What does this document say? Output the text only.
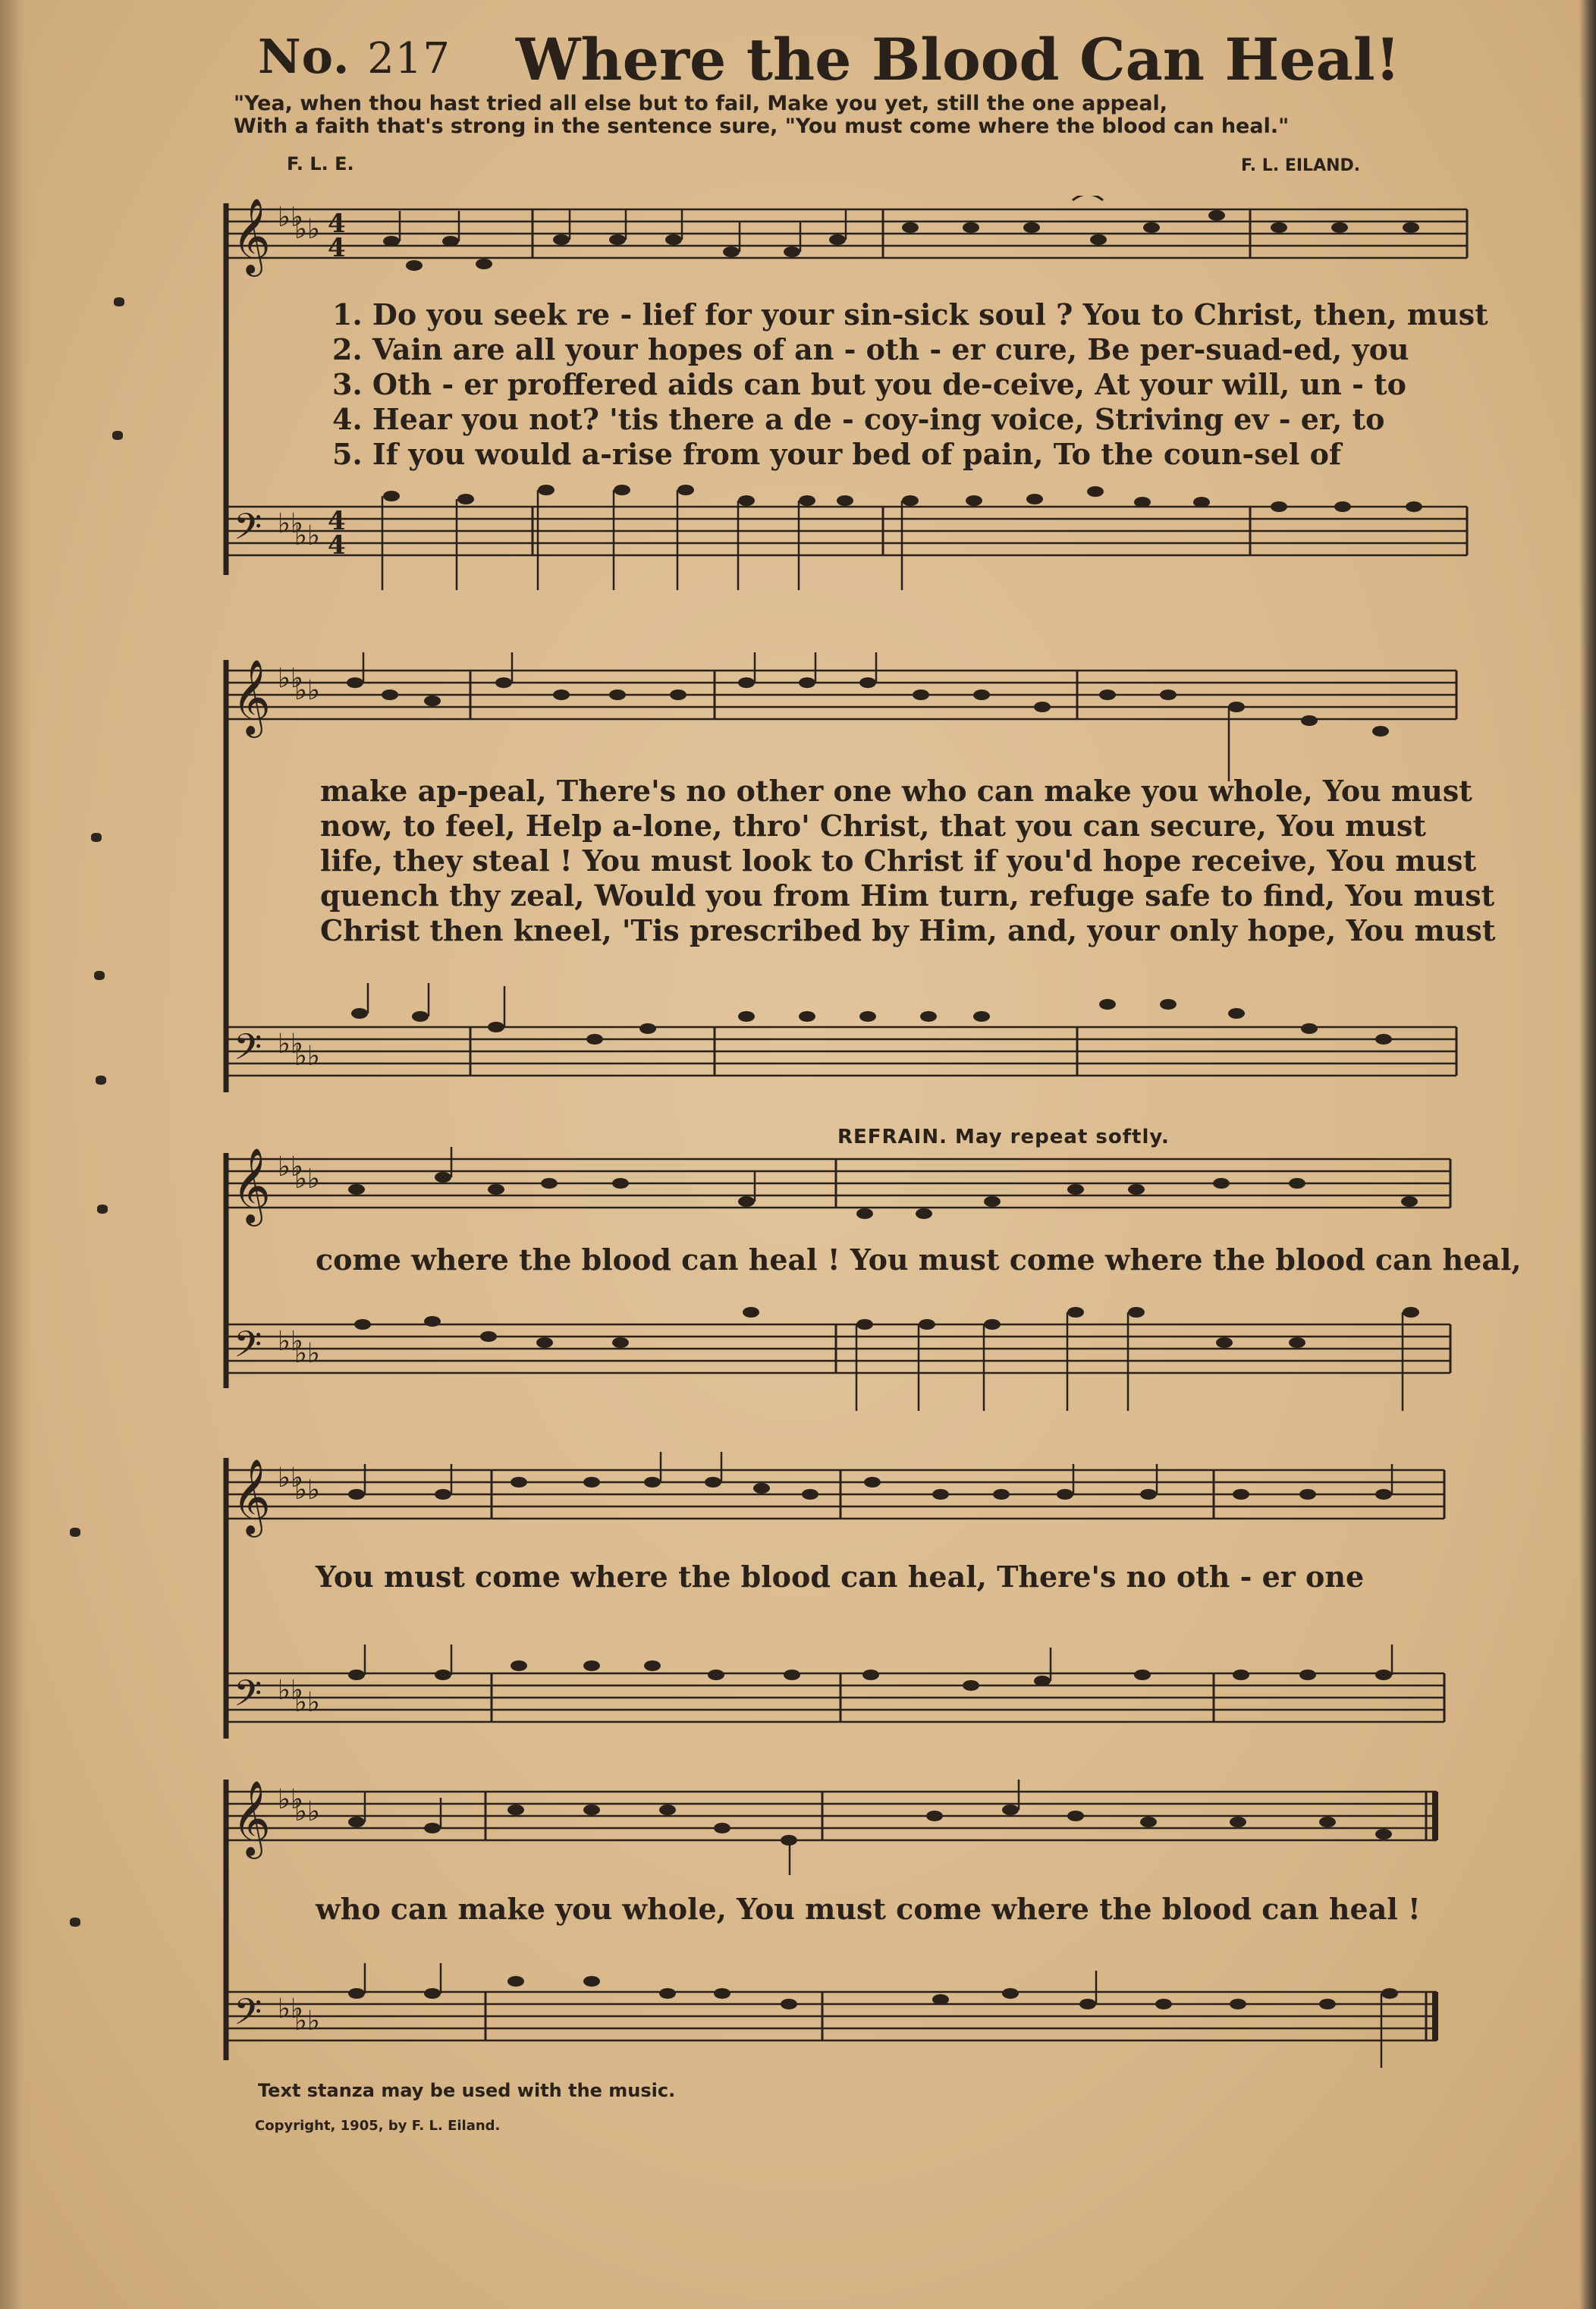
No. 217 Where the Blood Can Heal!
"Yea, when thou hast tried all else but to fail, Make you yet, still the one appeal,
With a faith that's strong in the sentence sure, "You must come where the blood can heal."
F. L. E.	F. L. EILAND.
𝄞
𝄢
♭♭
♭♭
♭♭
♭♭
4
4
4
4
1. Do you seek re - lief for your sin-sick soul ? You to Christ, then, must
2. Vain are all your hopes of an - oth - er cure, Be per-suad-ed, you
3. Oth - er proffered aids can but you de-ceive, At your will, un - to
4. Hear you not? 'tis there a de - coy-ing voice, Striving ev - er, to
5. If you would a-rise from your bed of pain, To the coun-sel of
𝄞
𝄢
♭♭
♭♭
♭♭
♭♭
make ap-peal, There's no other one who can make you whole, You must
now, to feel, Help a-lone, thro' Christ, that you can secure, You must
life, they steal ! You must look to Christ if you'd hope receive, You must
quench thy zeal, Would you from Him turn, refuge safe to find, You must
Christ then kneel, 'Tis prescribed by Him, and, your only hope, You must
REFRAIN. May repeat softly.
𝄞
𝄢
♭♭
♭♭
♭♭
♭♭
come where the blood can heal ! You must come where the blood can heal,
𝄞
𝄢
♭♭
♭♭
♭♭
♭♭
You must come where the blood can heal, There's no oth - er one
𝄞
𝄢
♭♭
♭♭
♭♭
♭♭
who can make you whole, You must come where the blood can heal !
Text stanza may be used with the music.
Copyright, 1905, by F. L. Eiland.
